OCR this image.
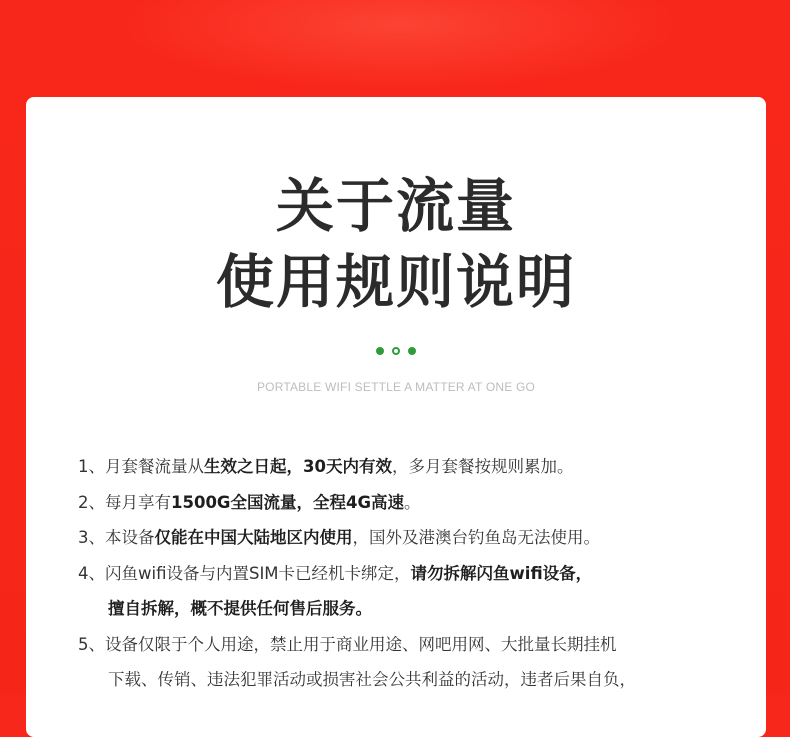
关于流量
使用规则说明
PORTABLE WIFI SETTLE A MATTER AT ONE GO
1、月套餐流量从生效之日起，30天内有效，多月套餐按规则累加。
2、每月享有1500G全国流量，全程4G高速。
3、本设备仅能在中国大陆地区内使用，国外及港澳台钓鱼岛无法使用。
4、闪鱼wifi设备与内置SIM卡已经机卡绑定，请勿拆解闪鱼wifi设备，
擅自拆解，概不提供任何售后服务。
5、设备仅限于个人用途，禁止用于商业用途、网吧用网、大批量长期挂机
下载、传销、违法犯罪活动或损害社会公共利益的活动，违者后果自负，
